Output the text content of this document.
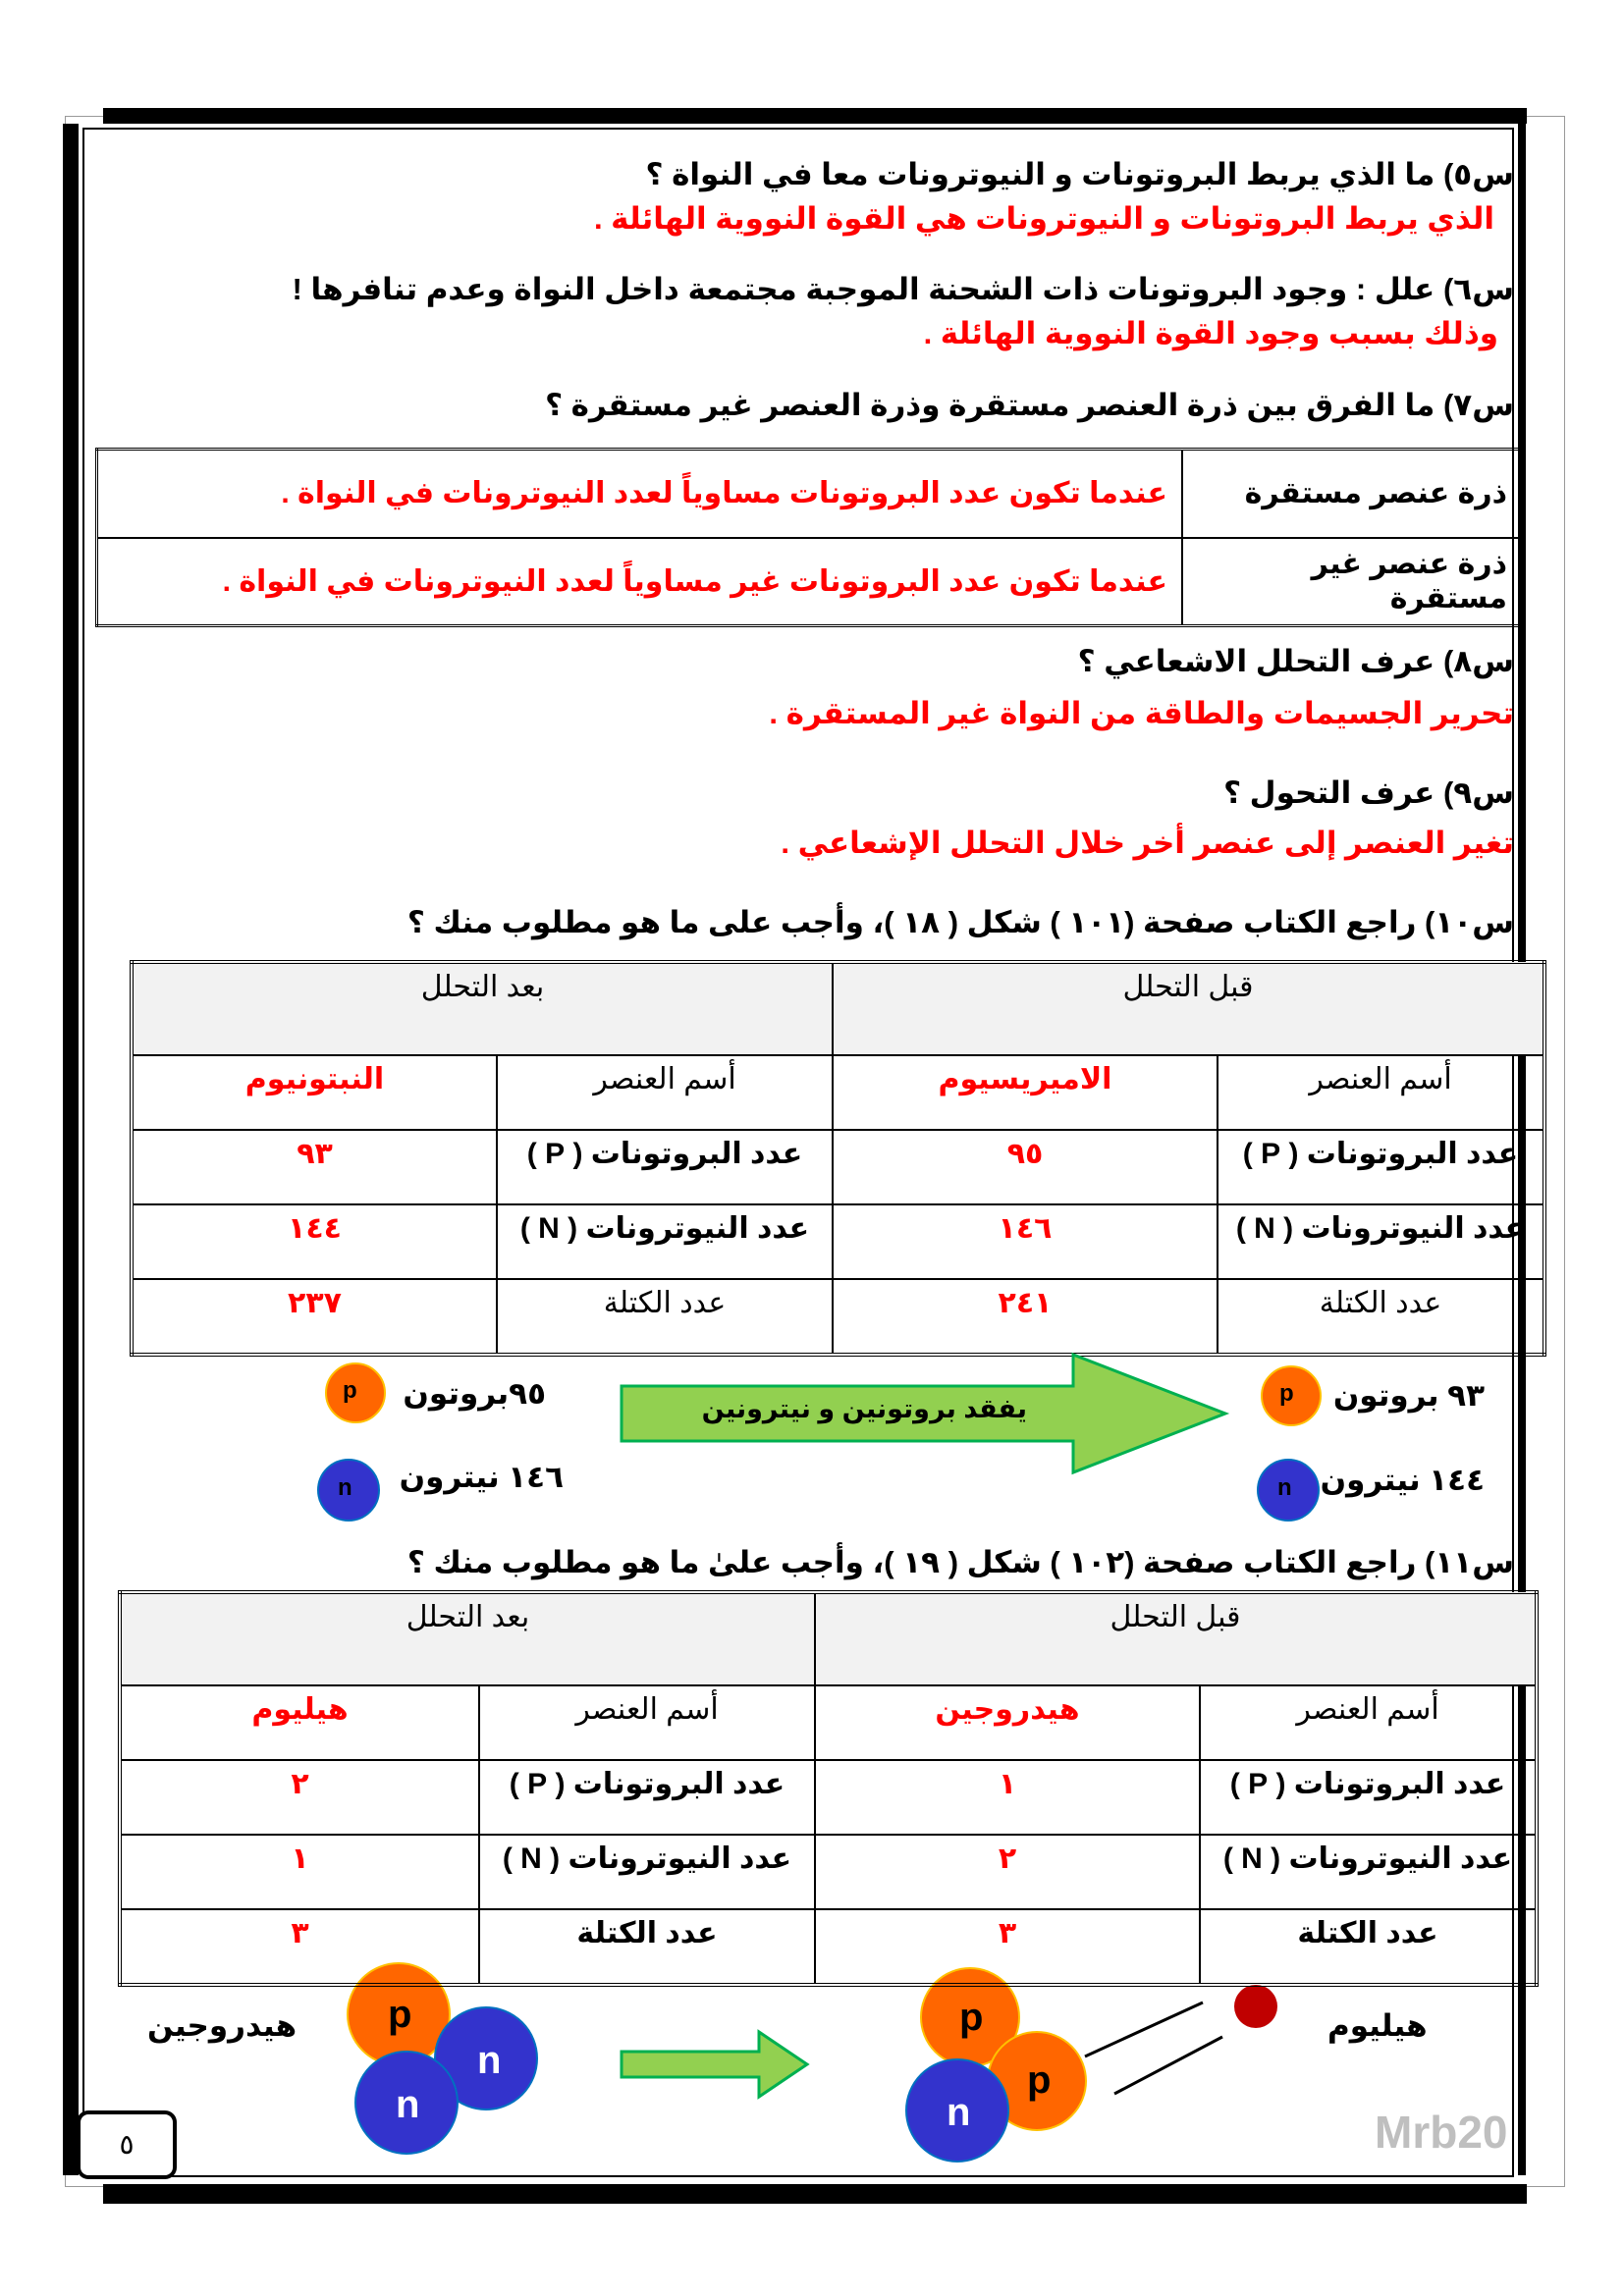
س٥) ما الذي يربط البروتونات و النيوترونات معا في النواة ؟
الذي يربط البروتونات و النيوترونات هي القوة النووية الهائلة .
س٦) علل : وجود البروتونات ذات الشحنة الموجبة مجتمعة داخل النواة وعدم تنافرها !
وذلك بسبب وجود القوة النووية الهائلة .
س٧) ما الفرق بين ذرة العنصر مستقرة وذرة العنصر غير مستقرة ؟
ذرة عنصر مستقرة	عندما تكون عدد البروتونات مساوياً لعدد النيوترونات في النواة .
ذرة عنصر غير مستقرة	عندما تكون عدد البروتونات غير مساوياً لعدد النيوترونات في النواة .
س٨) عرف التحلل الاشعاعي ؟
تحرير الجسيمات والطاقة من النواة غير المستقرة .
س٩) عرف التحول ؟
تغير العنصر إلى عنصر أخر خلال التحلل الإشعاعي .
س١٠) راجع الكتاب صفحة (١٠١ ) شكل ( ١٨ )، وأجب على ما هو مطلوب منك ؟
قبل التحلل		بعد التحلل	
أسم العنصر	الاميريسيوم	أسم العنصر	النبتونيوم
عدد البروتونات ( P )	٩٥	عدد البروتونات ( P )	٩٣
عدد النيوترونات ( N )	١٤٦	عدد النيوترونات ( N )	١٤٤
عدد الكتلة	٢٤١	عدد الكتلة	٢٣٧
p
n
p
n
٩٣ بروتون
١٤٤ نيترون
٩٥بروتون
١٤٦ نيترون
يفقد بروتونين و نيترونين
س١١) راجع الكتاب صفحة (١٠٢ ) شكل ( ١٩ )، وأجب علىٰ ما هو مطلوب منك ؟
قبل التحلل		بعد التحلل	
أسم العنصر	هيدروجين	أسم العنصر	هيليوم
عدد البروتونات ( P )	١	عدد البروتونات ( P )	٢
عدد النيوترونات ( N )	٢	عدد النيوترونات ( N )	١
عدد الكتلة	٣	عدد الكتلة	٣
p
n
n
p
p
n
هيدروجين	هيليوم
Mrb20
٥
